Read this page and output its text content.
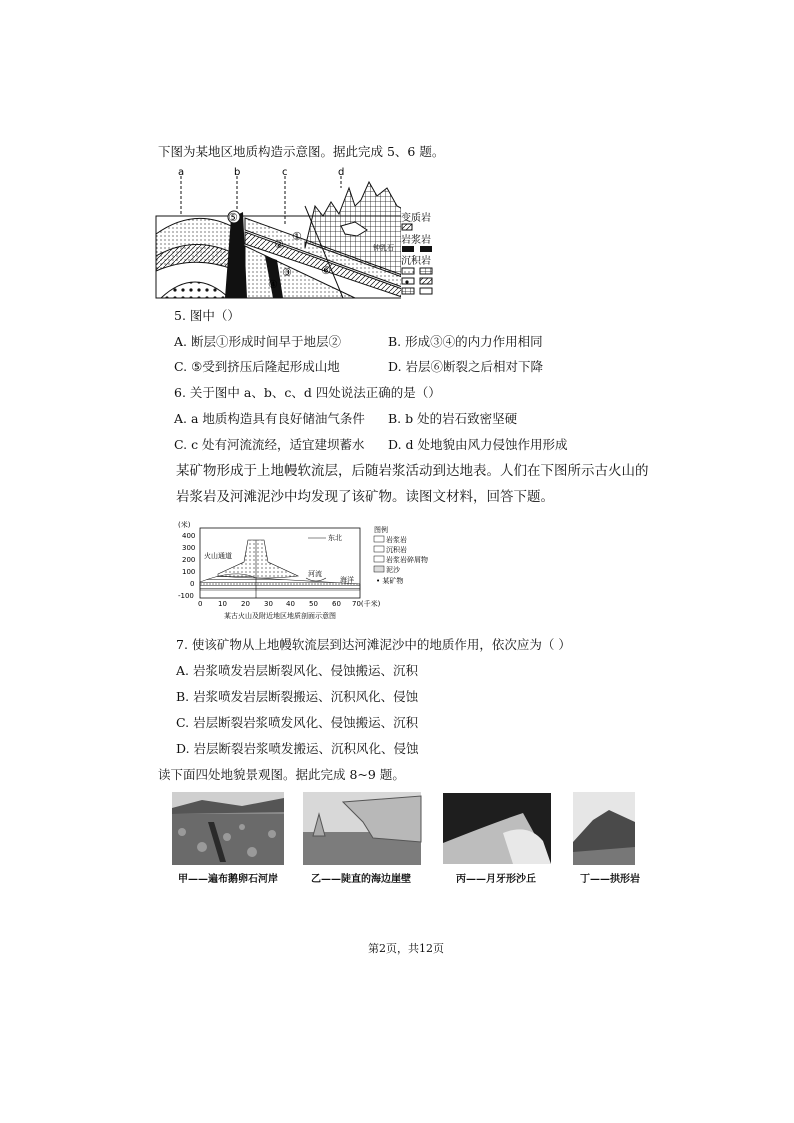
下图为某地区地质构造示意图。据此完成 5、6 题。
a	b	c	d
⑤
②
①
③
④
⑥
钟乳石
变质岩
岩浆岩
沉积岩
5. 图中（）
A. 断层①形成时间早于地层②	B. 形成③④的内力作用相同
C. ⑤受到挤压后隆起形成山地	D. 岩层⑥断裂之后相对下降
6. 关于图中 a、b、c、d 四处说法正确的是（）
A. a 地质构造具有良好储油气条件 B. b 处的岩石致密坚硬
C. c 处有河流流经，适宜建坝蓄水 D. d 处地貌由风力侵蚀作用形成
某矿物形成于上地幔软流层，后随岩浆活动到达地表。人们在下图所示古火山的
岩浆岩及河滩泥沙中均发现了该矿物。读图文材料，回答下题。
(米)
400
300
200
100
0
-100
东北
火山通道
河流
海洋
0 10 20 30 40 50 60 70(千米)
某古火山及附近地区地质剖面示意图
图例
岩浆岩
沉积岩
岩浆岩碎屑物
泥沙
• 某矿物
7. 使该矿物从上地幔软流层到达河滩泥沙中的地质作用，依次应为（ ）
A. 岩浆喷发岩层断裂风化、侵蚀搬运、沉积
B. 岩浆喷发岩层断裂搬运、沉积风化、侵蚀
C. 岩层断裂岩浆喷发风化、侵蚀搬运、沉积
D. 岩层断裂岩浆喷发搬运、沉积风化、侵蚀
读下面四处地貌景观图。据此完成 8~9 题。
甲——遍布鹅卵石河岸	乙——陡直的海边崖壁	丙——月牙形沙丘	丁——拱形岩
第2页，共12页
